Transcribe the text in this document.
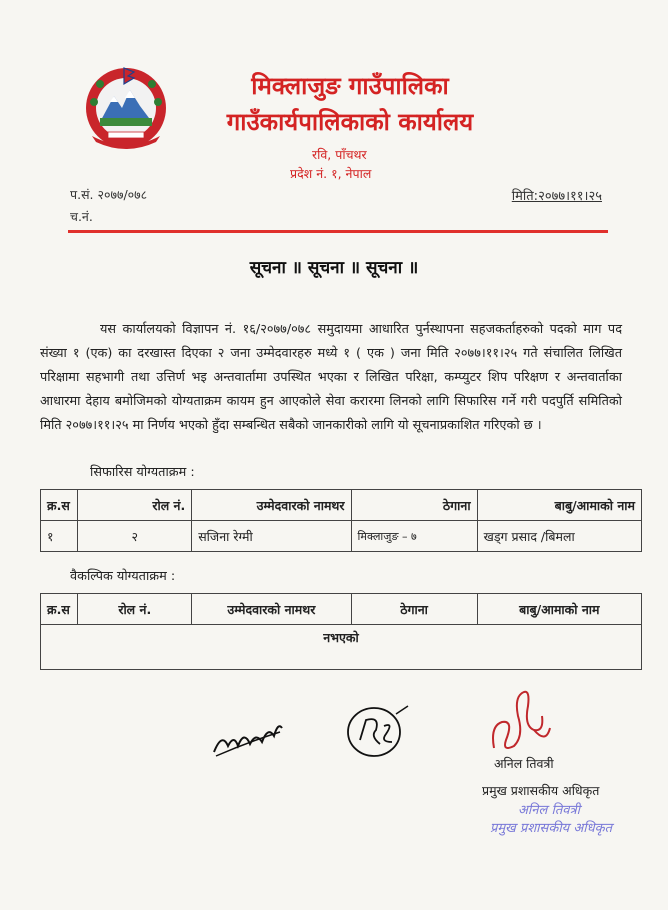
मिक्लाजुङ गाउँपालिका
गाउँकार्यपालिकाको कार्यालय
रवि, पाँचथर
प्रदेश नं. १, नेपाल
प.सं. २०७७/०७८
च.नं.
मिति:२०७७।११।२५
सूचना ॥ सूचना ॥ सूचना ॥
यस कार्यालयको विज्ञापन नं. १६/२०७७/०७८ समुदायमा आधारित पुर्नस्थापना सहजकर्ताहरुको पदको माग पद संख्या १ (एक) का दरखास्त दिएका २ जना उम्मेदवारहरु मध्ये १ ( एक ) जना मिति २०७७।११।२५ गते संचालित लिखित परिक्षामा सहभागी तथा उत्तिर्ण भइ अन्तवार्तामा उपस्थित भएका र लिखित परिक्षा, कम्प्युटर शिप परिक्षण र अन्तवार्ताका आधारमा देहाय बमोजिमको योग्यताक्रम कायम हुन आएकोले सेवा करारमा लिनको लागि सिफारिस गर्ने गरी पदपुर्ति समितिको मिति २०७७।११।२५ मा निर्णय भएको हुँदा सम्बन्धित सबैको जानकारीको लागि यो सूचनाप्रकाशित गरिएको छ ।
सिफारिस योग्यताक्रम :
क्र.स	रोल नं.	उम्मेदवारको नामथर	ठेगाना	बाबु/आमाको नाम
१	२	सजिना रेग्मी	मिक्लाजुङ – ७	खड्ग प्रसाद /बिमला
वैकल्पिक योग्यताक्रम :
क्र.स	रोल नं.	उम्मेदवारको नामथर	ठेगाना	बाबु/आमाको नाम
नभएको
अनिल तिवत्री
प्रमुख प्रशासकीय अधिकृत
अनिल तिवत्री
प्रमुख प्रशासकीय अधिकृत
